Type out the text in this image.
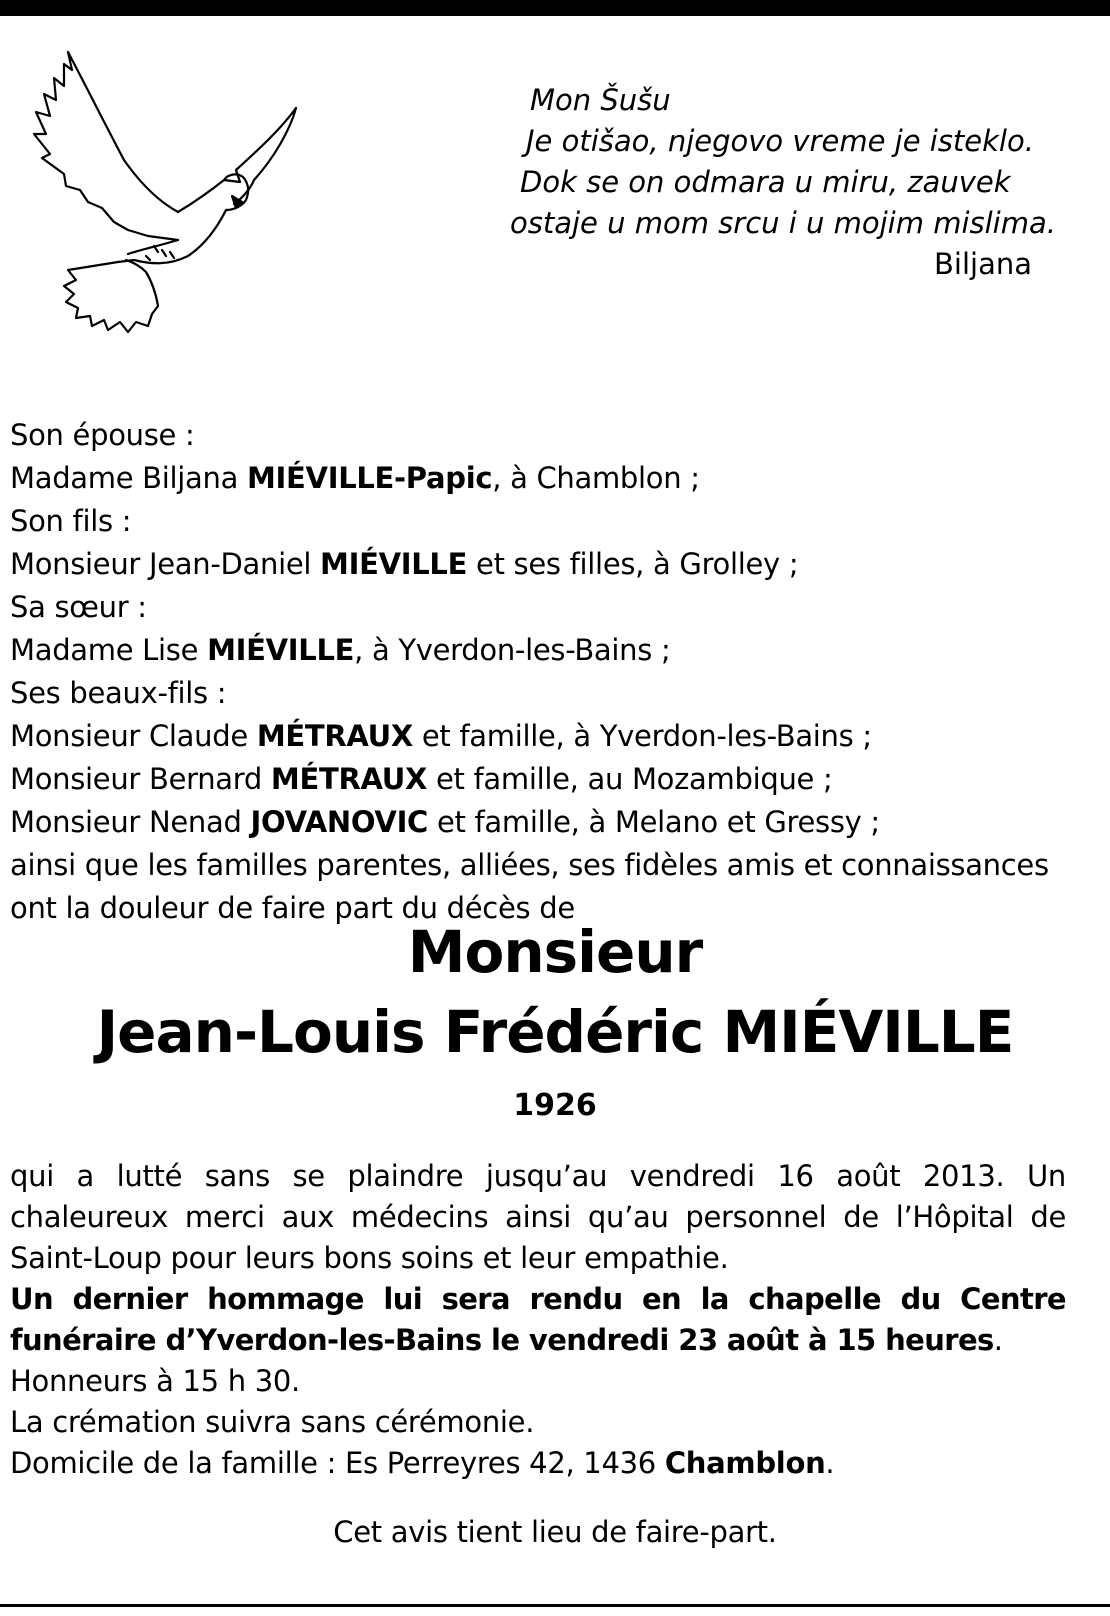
Mon Šušu
Je otišao, njegovo vreme je isteklo.
Dok se on odmara u miru, zauvek
ostaje u mom srcu i u mojim mislima.
Biljana
Son épouse :
Madame Biljana MIÉVILLE-Papic, à Chamblon ;
Son fils :
Monsieur Jean-Daniel MIÉVILLE et ses filles, à Grolley ;
Sa sœur :
Madame Lise MIÉVILLE, à Yverdon-les-Bains ;
Ses beaux-fils :
Monsieur Claude MÉTRAUX et famille, à Yverdon-les-Bains ;
Monsieur Bernard MÉTRAUX et famille, au Mozambique ;
Monsieur Nenad JOVANOVIC et famille, à Melano et Gressy ;
ainsi que les familles parentes, alliées, ses fidèles amis et connaissances
ont la douleur de faire part du décès de
Monsieur
Jean-Louis Frédéric MIÉVILLE
1926

qui a lutté sans se plaindre jusqu’au vendredi 16 août 2013. Un chaleureux merci aux médecins ainsi qu’au personnel de l’Hôpital de Saint-Loup pour leurs bons soins et leur empathie.

Un dernier hommage lui sera rendu en la chapelle du Centre funéraire d’Yverdon-les-Bains le vendredi 23 août à 15 heures.

Honneurs à 15 h 30.

La crémation suivra sans cérémonie.

Domicile de la famille : Es Perreyres 42, 1436 Chamblon.

Cet avis tient lieu de faire-part.
